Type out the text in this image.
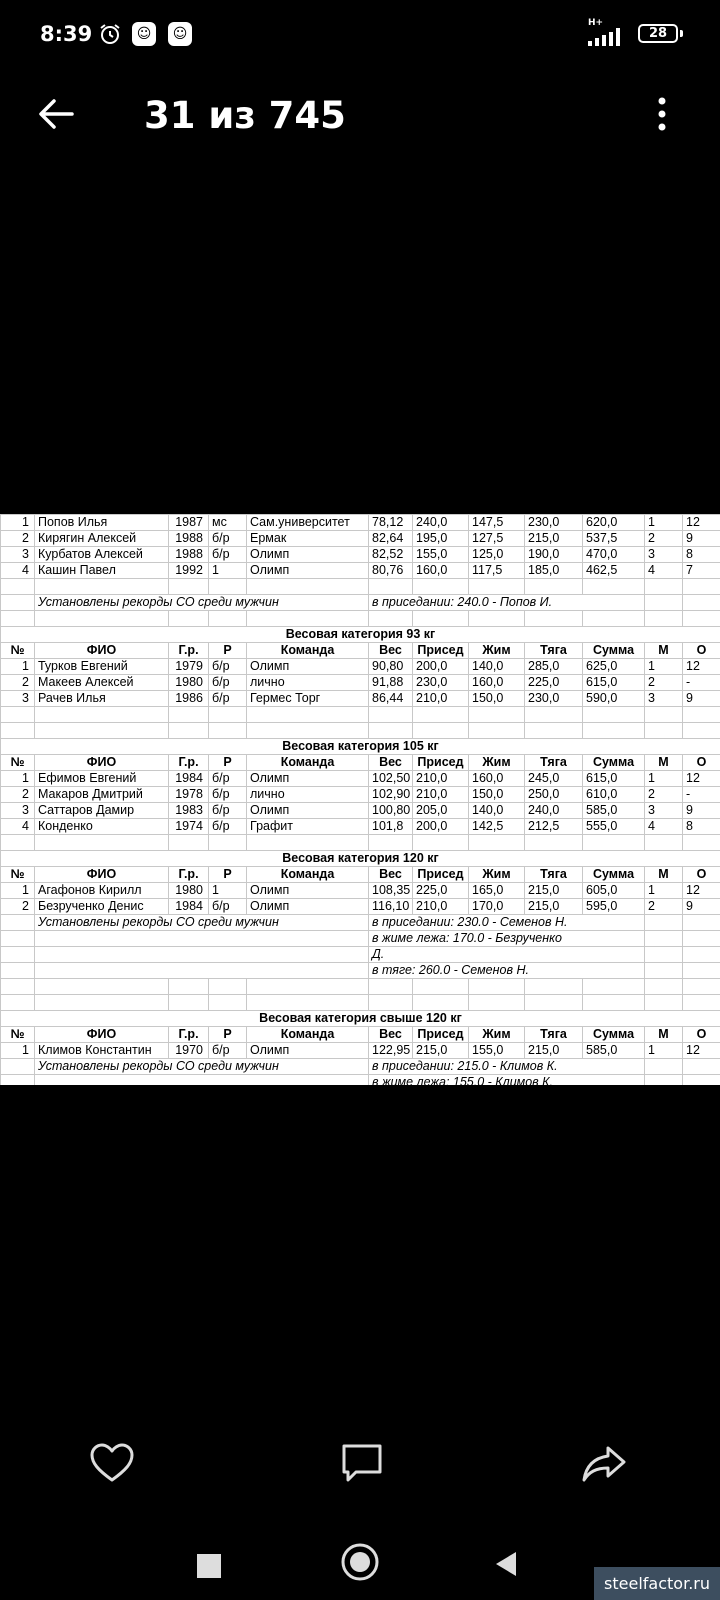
8:39	☺	☺
H+
28
31 из 745
1	Попов Илья	1987	мс	Сам.университет	78,12	240,0	147,5	230,0	620,0	1	12
2	Кирягин Алексей	1988	б/р	Ермак	82,64	195,0	127,5	215,0	537,5	2	9
3	Курбатов Алексей	1988	б/р	Олимп	82,52	155,0	125,0	190,0	470,0	3	8
4	Кашин Павел	1992	1	Олимп	80,76	160,0	117,5	185,0	462,5	4	7

	Установлены рекорды СО среди мужчин				в приседании: 240.0 - Попов И.						

Весовая категория 93 кг											
№	ФИО	Г.р.	Р	Команда	Вес	Присед	Жим	Тяга	Сумма	М	О
1	Турков Евгений	1979	б/р	Олимп	90,80	200,0	140,0	285,0	625,0	1	12
2	Макеев Алексей	1980	б/р	лично	91,88	230,0	160,0	225,0	615,0	2	-
3	Рачев Илья	1986	б/р	Гермес Торг	86,44	210,0	150,0	230,0	590,0	3	9

Весовая категория 105 кг											
№	ФИО	Г.р.	Р	Команда	Вес	Присед	Жим	Тяга	Сумма	М	О
1	Ефимов Евгений	1984	б/р	Олимп	102,50	210,0	160,0	245,0	615,0	1	12
2	Макаров Дмитрий	1978	б/р	лично	102,90	210,0	150,0	250,0	610,0	2	-
3	Саттаров Дамир	1983	б/р	Олимп	100,80	205,0	140,0	240,0	585,0	3	9
4	Конденко	1974	б/р	Графит	101,8	200,0	142,5	212,5	555,0	4	8

Весовая категория 120 кг											
№	ФИО	Г.р.	Р	Команда	Вес	Присед	Жим	Тяга	Сумма	М	О
1	Агафонов Кирилл	1980	1	Олимп	108,35	225,0	165,0	215,0	605,0	1	12
2	Безрученко Денис	1984	б/р	Олимп	116,10	210,0	170,0	215,0	595,0	2	9
	Установлены рекорды СО среди мужчин				в приседании: 230.0 - Семенов Н.						
					в жиме лежа: 170.0 - Безрученко						
					Д.						
					в тяге: 260.0 - Семенов Н.						

Весовая категория свыше 120 кг											
№	ФИО	Г.р.	Р	Команда	Вес	Присед	Жим	Тяга	Сумма	М	О
1	Климов Константин	1970	б/р	Олимп	122,95	215,0	155,0	215,0	585,0	1	12
	Установлены рекорды СО среди мужчин				в приседании: 215.0 - Климов К.						
					в жиме лежа: 155.0 - Климов К.						
steelfactor.ru
